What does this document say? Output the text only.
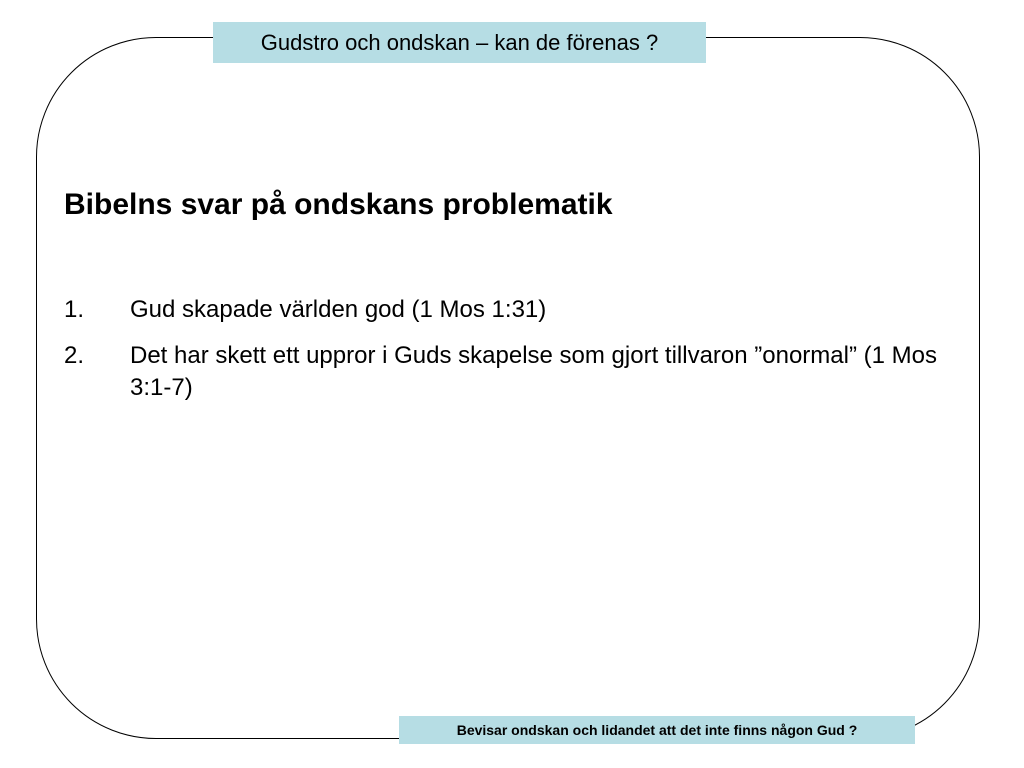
Gudstro och ondskan – kan de förenas ?
Bibelns svar på ondskans problematik
1. Gud skapade världen god (1 Mos 1:31)
2. Det har skett ett uppror i Guds skapelse som gjort tillvaron ”onormal” (1 Mos 3:1-7)
Bevisar ondskan och lidandet att det inte finns någon Gud ?
